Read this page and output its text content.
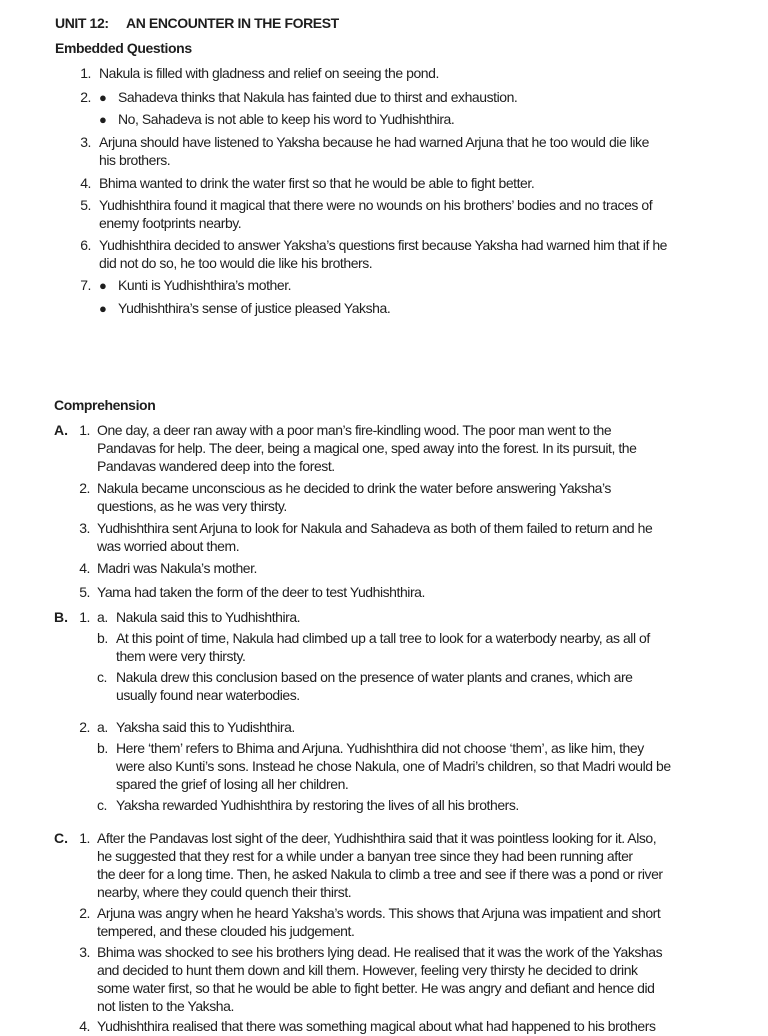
UNIT 12: AN ENCOUNTER IN THE FOREST
Embedded Questions
1. Nakula is filled with gladness and relief on seeing the pond.
2. ● Sahadeva thinks that Nakula has fainted due to thirst and exhaustion.
● No, Sahadeva is not able to keep his word to Yudhishthira.
3. Arjuna should have listened to Yaksha because he had warned Arjuna that he too would die like
his brothers.
4. Bhima wanted to drink the water first so that he would be able to fight better.
5. Yudhishthira found it magical that there were no wounds on his brothers’ bodies and no traces of
enemy footprints nearby.
6. Yudhishthira decided to answer Yaksha’s questions first because Yaksha had warned him that if he
did not do so, he too would die like his brothers.
7. ● Kunti is Yudhishthira’s mother.
● Yudhishthira’s sense of justice pleased Yaksha.
Comprehension
A. 1. One day, a deer ran away with a poor man’s fire-kindling wood. The poor man went to the
Pandavas for help. The deer, being a magical one, sped away into the forest. In its pursuit, the
Pandavas wandered deep into the forest.
2. Nakula became unconscious as he decided to drink the water before answering Yaksha’s
questions, as he was very thirsty.
3. Yudhishthira sent Arjuna to look for Nakula and Sahadeva as both of them failed to return and he
was worried about them.
4. Madri was Nakula’s mother.
5. Yama had taken the form of the deer to test Yudhishthira.
B. 1. a. Nakula said this to Yudhishthira.
b. At this point of time, Nakula had climbed up a tall tree to look for a waterbody nearby, as all of
them were very thirsty.
c. Nakula drew this conclusion based on the presence of water plants and cranes, which are
usually found near waterbodies.
2. a. Yaksha said this to Yudishthira.
b. Here ‘them’ refers to Bhima and Arjuna. Yudhishthira did not choose ‘them’, as like him, they
were also Kunti’s sons. Instead he chose Nakula, one of Madri’s children, so that Madri would be
spared the grief of losing all her children.
c. Yaksha rewarded Yudhishthira by restoring the lives of all his brothers.
C. 1. After the Pandavas lost sight of the deer, Yudhishthira said that it was pointless looking for it. Also,
he suggested that they rest for a while under a banyan tree since they had been running after
the deer for a long time. Then, he asked Nakula to climb a tree and see if there was a pond or river
nearby, where they could quench their thirst.
2. Arjuna was angry when he heard Yaksha’s words. This shows that Arjuna was impatient and short
tempered, and these clouded his judgement.
3. Bhima was shocked to see his brothers lying dead. He realised that it was the work of the Yakshas
and decided to hunt them down and kill them. However, feeling very thirsty he decided to drink
some water first, so that he would be able to fight better. He was angry and defiant and hence did
not listen to the Yaksha.
4. Yudhishthira realised that there was something magical about what had happened to his brothers
